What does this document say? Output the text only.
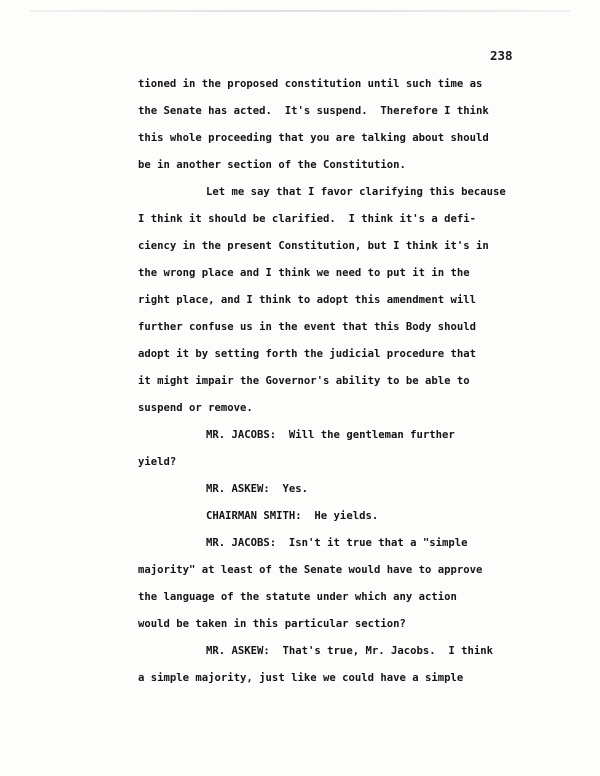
238
tioned in the proposed constitution until such time as
the Senate has acted.  It's suspend.  Therefore I think
this whole proceeding that you are talking about should
be in another section of the Constitution.
Let me say that I favor clarifying this because
I think it should be clarified.  I think it's a defi-
ciency in the present Constitution, but I think it's in
the wrong place and I think we need to put it in the
right place, and I think to adopt this amendment will
further confuse us in the event that this Body should
adopt it by setting forth the judicial procedure that
it might impair the Governor's ability to be able to
suspend or remove.
MR. JACOBS:  Will the gentleman further
yield?
MR. ASKEW:  Yes.
CHAIRMAN SMITH:  He yields.
MR. JACOBS:  Isn't it true that a "simple
majority" at least of the Senate would have to approve
the language of the statute under which any action
would be taken in this particular section?
MR. ASKEW:  That's true, Mr. Jacobs.  I think
a simple majority, just like we could have a simple
